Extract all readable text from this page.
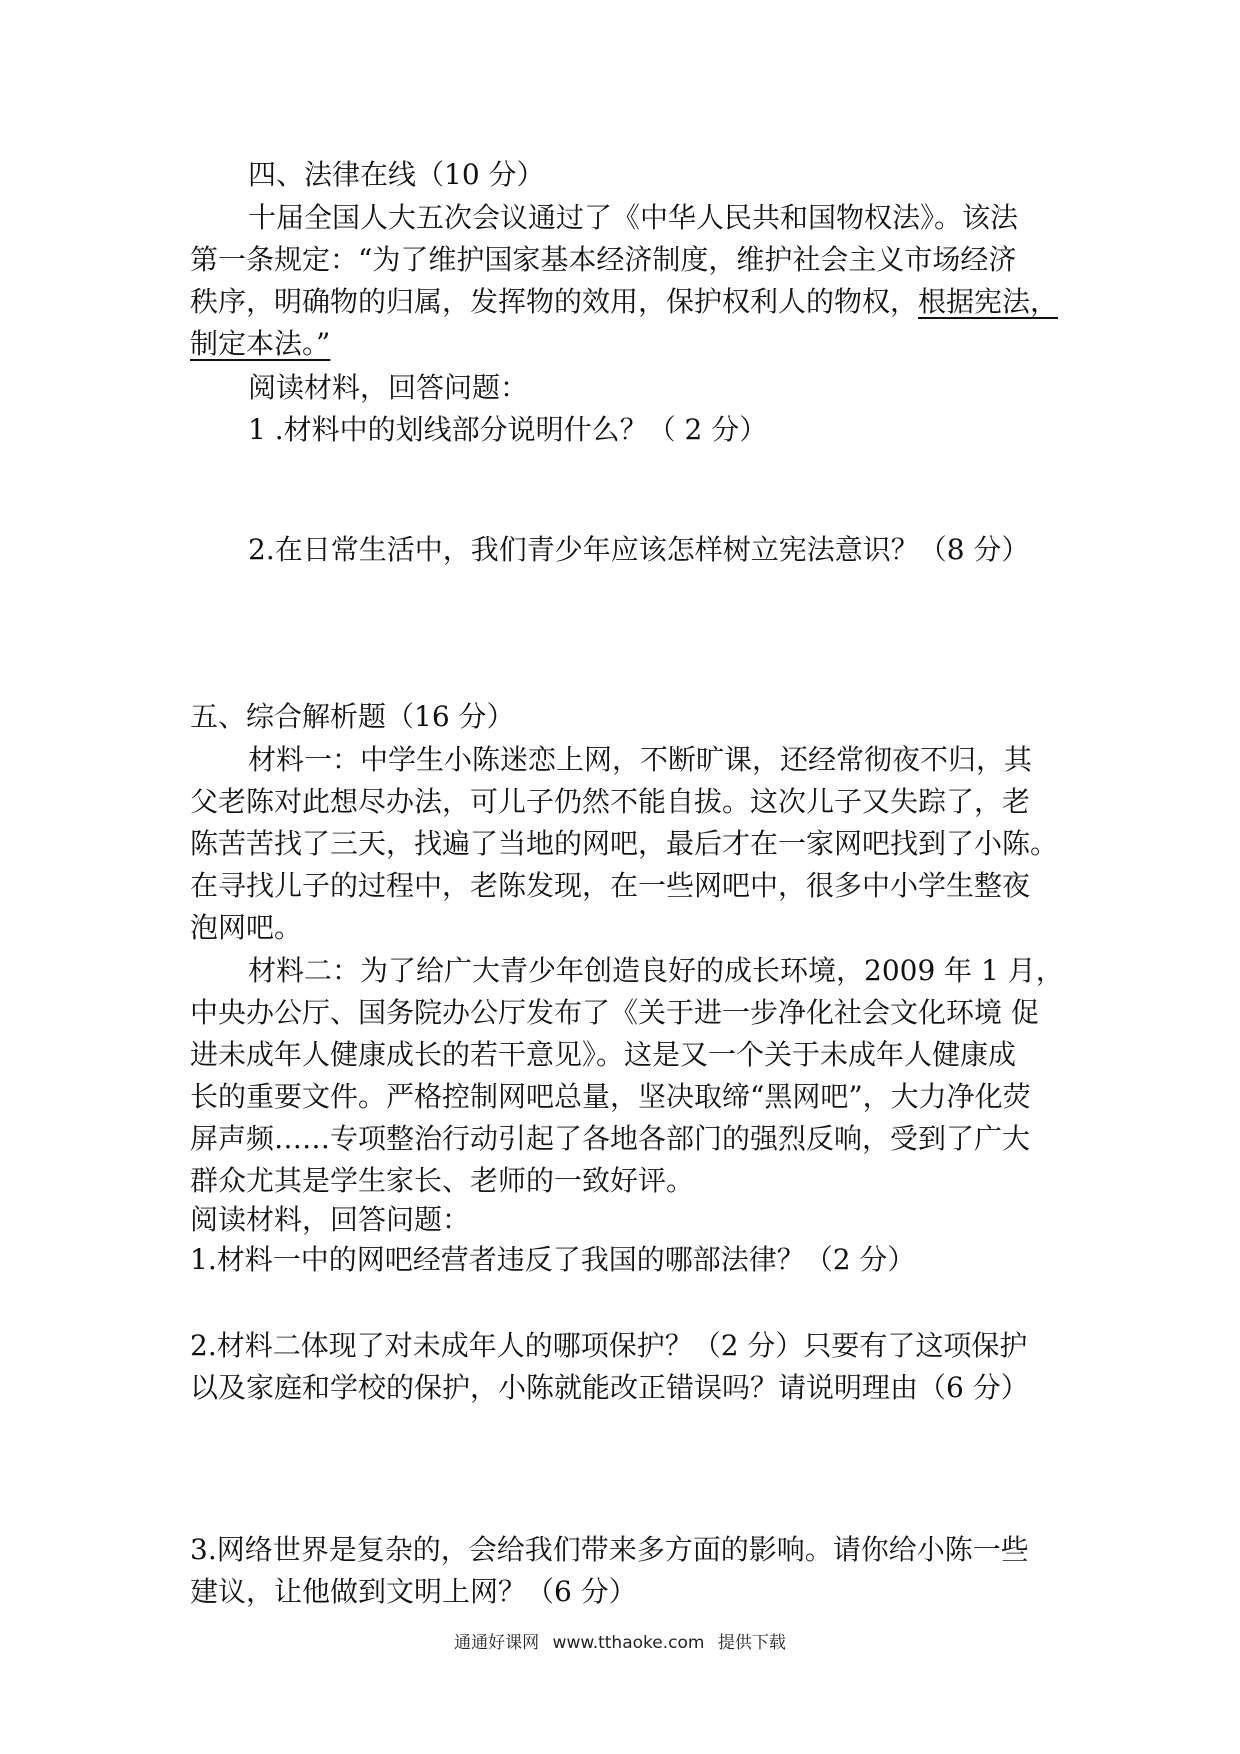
四、法律在线（10 分）
十届全国人大五次会议通过了《中华人民共和国物权法》。该法
第一条规定：“为了维护国家基本经济制度，维护社会主义市场经济
秩序，明确物的归属，发挥物的效用，保护权利人的物权，根据宪法，
制定本法。”
阅读材料，回答问题：
1 .材料中的划线部分说明什么？（ 2 分）
2.在日常生活中，我们青少年应该怎样树立宪法意识？（8 分）
五、综合解析题（16 分）
材料一：中学生小陈迷恋上网，不断旷课，还经常彻夜不归，其
父老陈对此想尽办法，可儿子仍然不能自拔。这次儿子又失踪了，老
陈苦苦找了三天，找遍了当地的网吧，最后才在一家网吧找到了小陈。
在寻找儿子的过程中，老陈发现，在一些网吧中，很多中小学生整夜
泡网吧。
材料二：为了给广大青少年创造良好的成长环境，2009 年 1 月，
中央办公厅、国务院办公厅发布了《关于进一步净化社会文化环境 促
进未成年人健康成长的若干意见》。这是又一个关于未成年人健康成
长的重要文件。严格控制网吧总量，坚决取缔“黑网吧”，大力净化荧
屏声频……专项整治行动引起了各地各部门的强烈反响，受到了广大
群众尤其是学生家长、老师的一致好评。
阅读材料，回答问题：
1.材料一中的网吧经营者违反了我国的哪部法律？（2 分）
2.材料二体现了对未成年人的哪项保护？（2 分）只要有了这项保护
以及家庭和学校的保护，小陈就能改正错误吗？请说明理由（6 分）
3.网络世界是复杂的，会给我们带来多方面的影响。请你给小陈一些
建议，让他做到文明上网？（6 分）
通通好课网 www.tthaoke.com 提供下载
